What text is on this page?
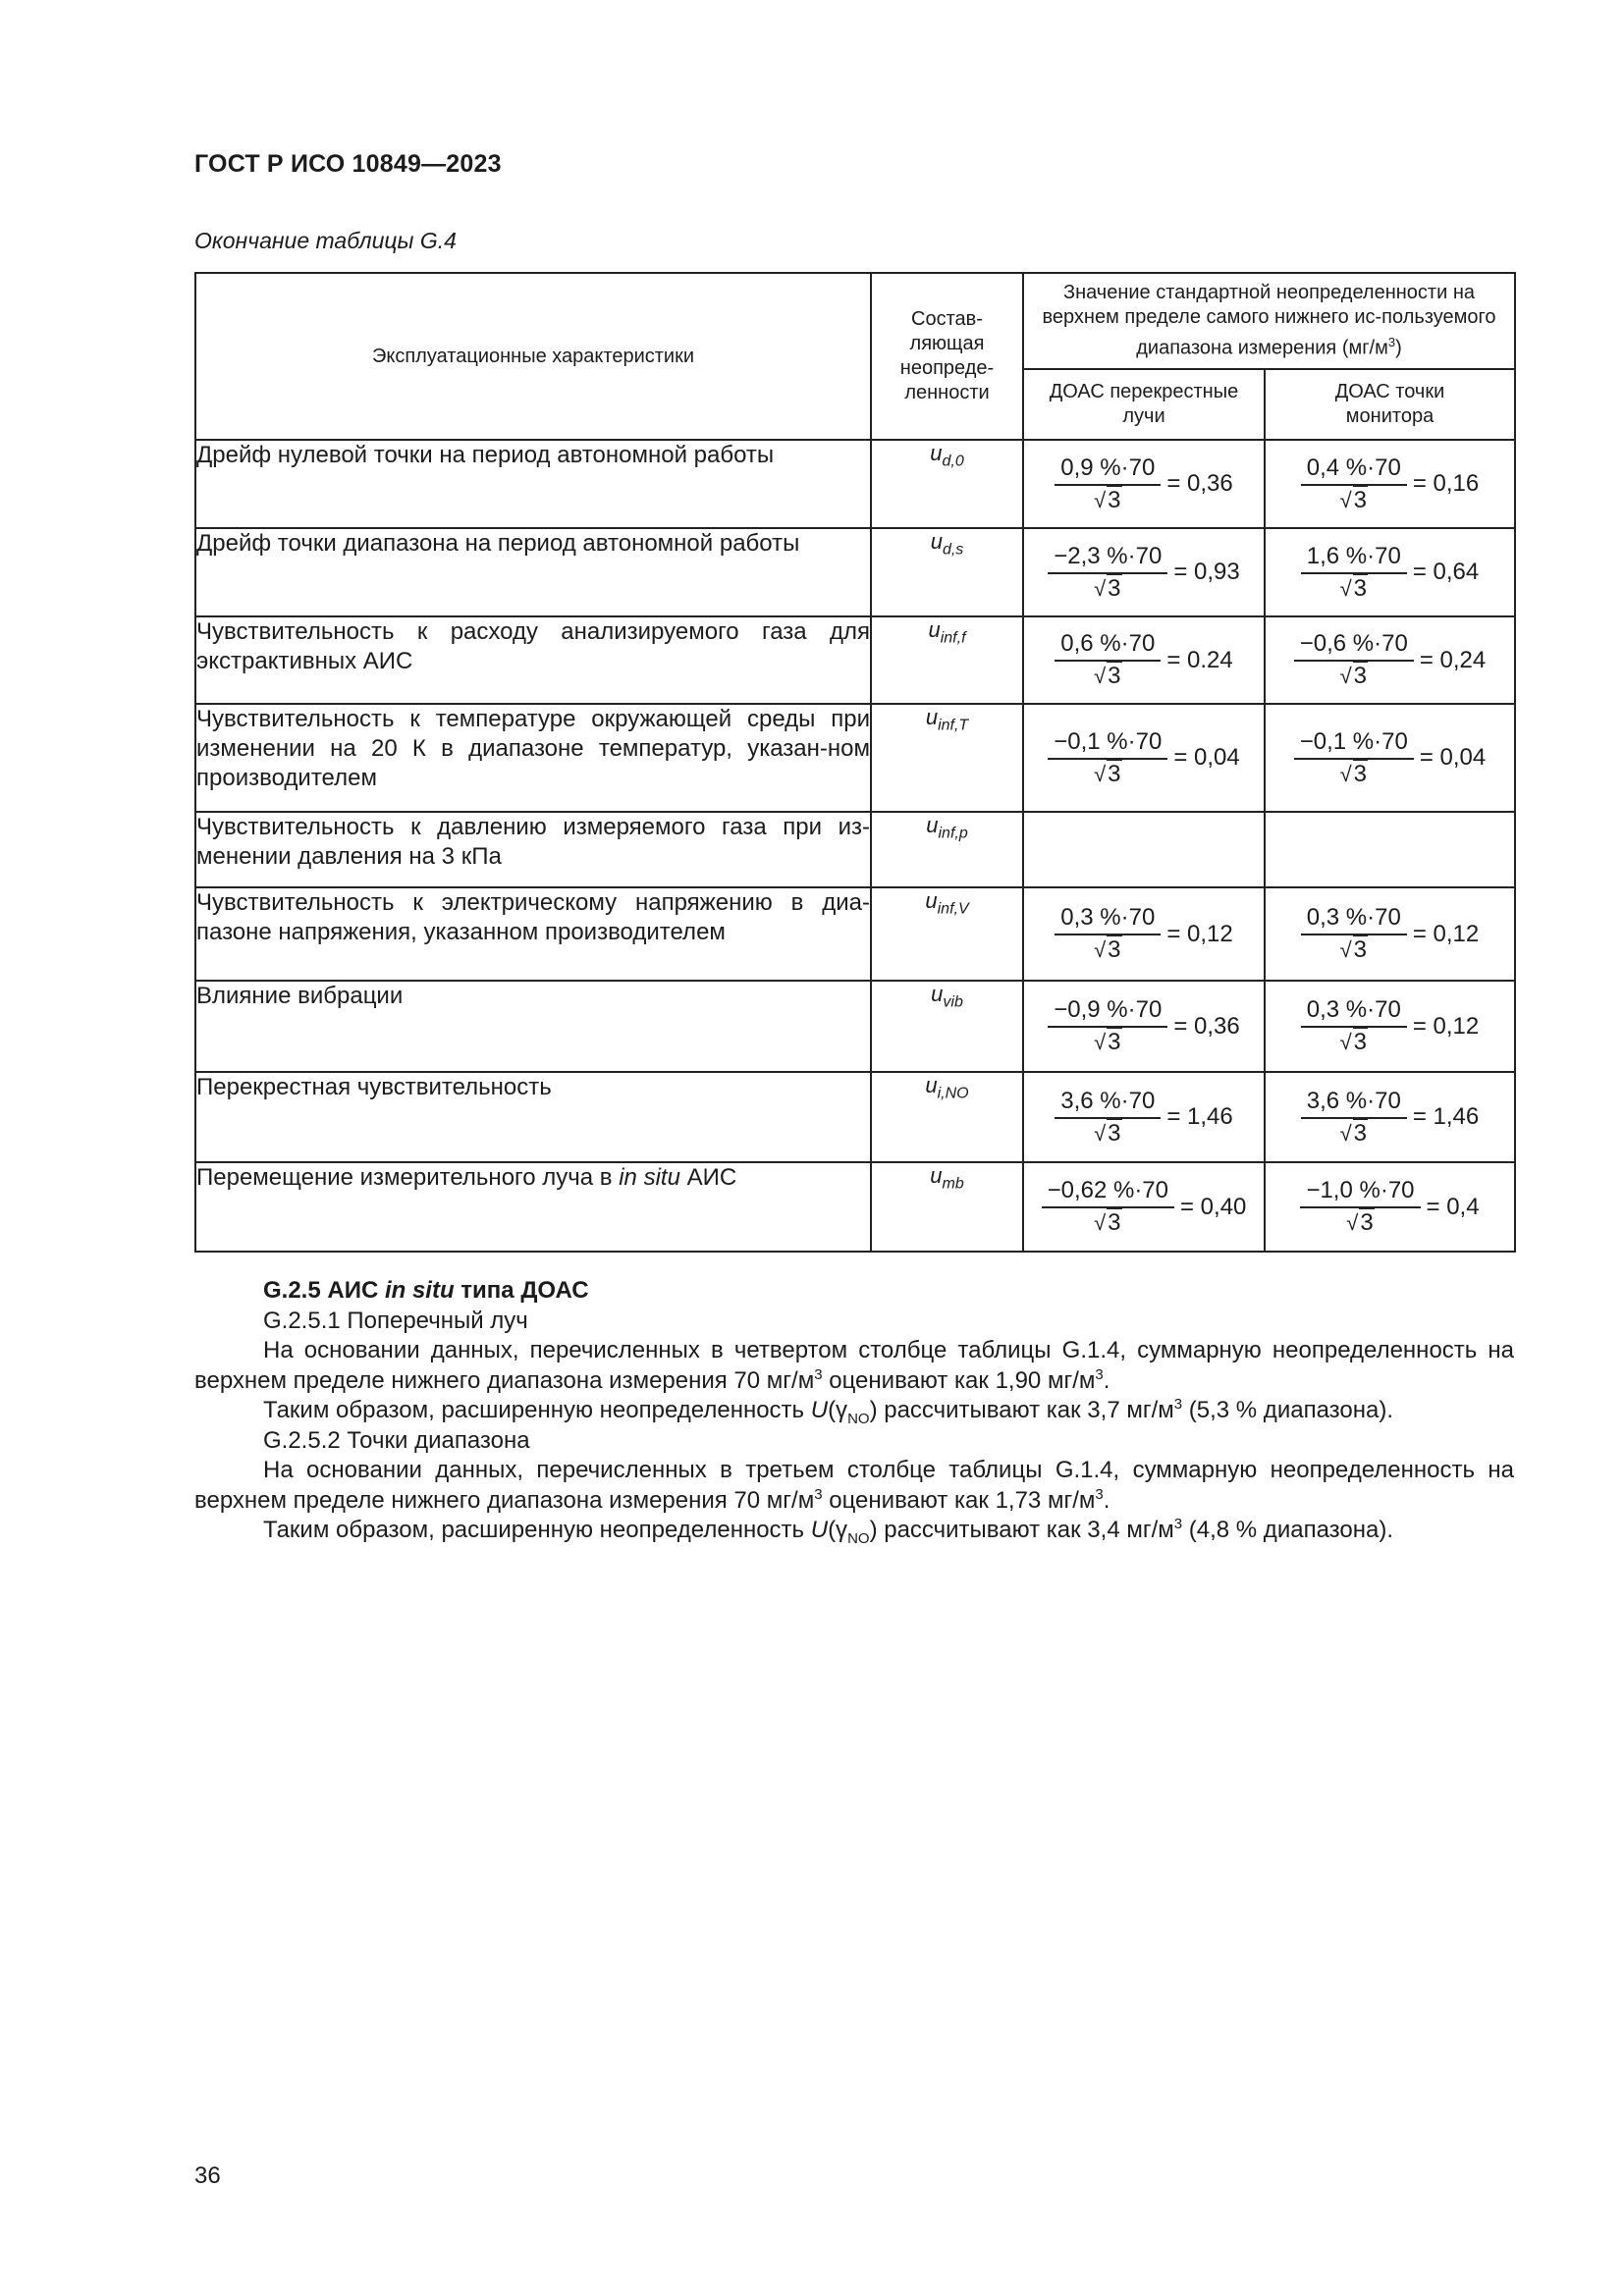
ГОСТ Р ИСО 10849—2023
Окончание таблицы G.4
Эксплуатационные характеристики	Состав-ляющая неопреде-ленности	Значение стандартной неопределенности на верхнем пределе самого нижнего ис-пользуемого диапазона измерения $(мг/м^3)$	
		ДОАС перекрестные лучи	ДОАС точки монитора
Дрейф нулевой точки на период автономной работы	$u_{d,0}$	$\frac{0,9 \%\cdot 70}{√3} = 0,36$	$\frac{0,4 \%\cdot 70}{√3} = 0,16$

Дрейф точки диапазона на период автономной работы	$u_{d,s}$	$\frac{-2,3 \%\cdot 70}{√3} = 0,93$	$\frac{1,6 \%\cdot 70}{√3} = 0,64$

Чувствительность к расходу анализируемого газа для экстрактивных АИС	$u_{inf,f}$	$\frac{0,6 \%\cdot 70}{√3} = 0.24$	$\frac{-0,6 \%\cdot 70}{√3} = 0,24$

Чувствительность к температуре окружающей среды при изменении на 20 К в диапазоне температур, указан-ном производителем	$u_{inf,T}$	$\frac{-0,1 \%\cdot 70}{√3} = 0,04$	$\frac{-0,1 \%\cdot 70}{√3} = 0,04$

Чувствительность к давлению измеряемого газа при из-менении давления на 3 кПа	$u_{inf,p}$		
Чувствительность к электрическому напряжению в диа-пазоне напряжения, указанном производителем	$u_{inf,V}$	$\frac{0,3 \%\cdot 70}{√3} = 0,12$	$\frac{0,3 \%\cdot 70}{√3} = 0,12$

Влияние вибрации	$u_{vib}$	$\frac{-0,9 \%\cdot 70}{√3} = 0,36$	$\frac{0,3 \%\cdot 70}{√3} = 0,12$

Перекрестная чувствительность	$u_{i,NO}$	$\frac{3,6 \%\cdot 70}{√3} = 1,46$	$\frac{3,6 \%\cdot 70}{√3} = 1,46$

Перемещение измерительного луча в in situ АИС	$u_{mb}$	$\frac{-0,62 \%\cdot 70}{√3} = 0,40$	$\frac{-1,0 \%\cdot 70}{√3} = 0,4$

G.2.5 АИС in situ типа ДОАС

G.2.5.1 Поперечный луч

На основании данных, перечисленных в четвертом столбце таблицы G.1.4, суммарную неопределенность на верхнем пределе нижнего диапазона измерения 70 $мг/м^3$ оценивают как 1,90 $мг/м^3$.

Таким образом, расширенную неопределенность $U(\gamma_{NO})$ рассчитывают как 3,7 $мг/м^3$ (5,3 % диапазона).

G.2.5.2 Точки диапазона

На основании данных, перечисленных в третьем столбце таблицы G.1.4, суммарную неопределенность на верхнем пределе нижнего диапазона измерения 70 $мг/м^3$ оценивают как 1,73 $мг/м^3$.

Таким образом, расширенную неопределенность $U(\gamma_{NO})$ рассчитывают как 3,4 $мг/м^3$ (4,8 % диапазона).

36
